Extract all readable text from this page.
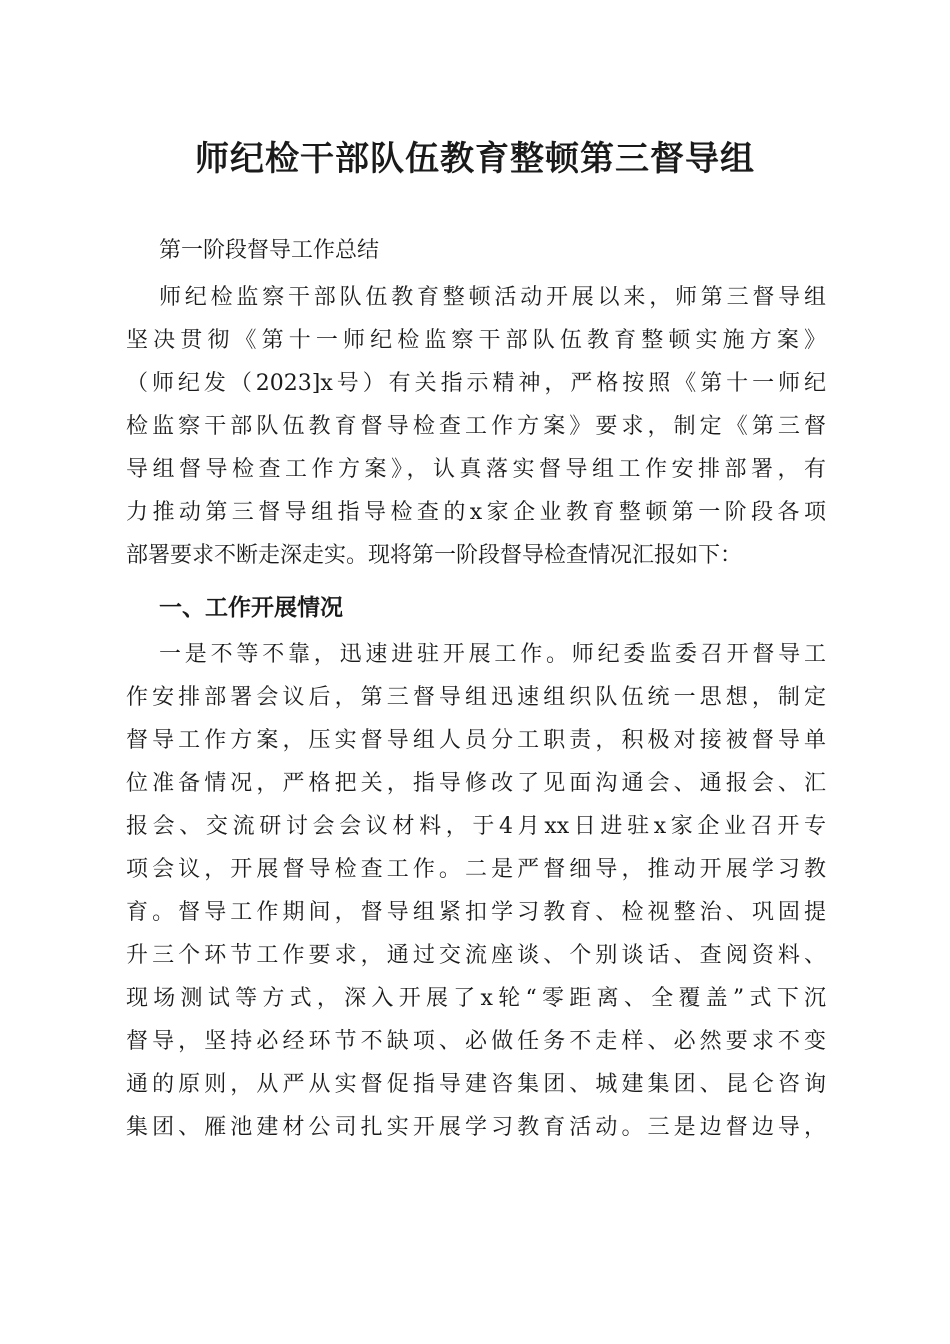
师纪检干部队伍教育整顿第三督导组
第一阶段督导工作总结
师纪检监察干部队伍教育整顿活动开展以来，师第三督导组
坚决贯彻《第十一师纪检监察干部队伍教育整顿实施方案》
（师纪发（2023]x号）有关指示精神，严格按照《第十一师纪
检监察干部队伍教育督导检查工作方案》要求，制定《第三督
导组督导检查工作方案》，认真落实督导组工作安排部署，有
力推动第三督导组指导检查的x家企业教育整顿第一阶段各项
部署要求不断走深走实。现将第一阶段督导检查情况汇报如下：
一、工作开展情况
一是不等不靠，迅速进驻开展工作。师纪委监委召开督导工
作安排部署会议后，第三督导组迅速组织队伍统一思想，制定
督导工作方案，压实督导组人员分工职责，积极对接被督导单
位准备情况，严格把关，指导修改了见面沟通会、通报会、汇
报会、交流研讨会会议材料，于4月xx日进驻x家企业召开专
项会议，开展督导检查工作。二是严督细导，推动开展学习教
育。督导工作期间，督导组紧扣学习教育、检视整治、巩固提
升三个环节工作要求，通过交流座谈、个别谈话、查阅资料、
现场测试等方式，深入开展了x轮“零距离、全覆盖”式下沉
督导，坚持必经环节不缺项、必做任务不走样、必然要求不变
通的原则，从严从实督促指导建咨集团、城建集团、昆仑咨询
集团、雁池建材公司扎实开展学习教育活动。三是边督边导，
